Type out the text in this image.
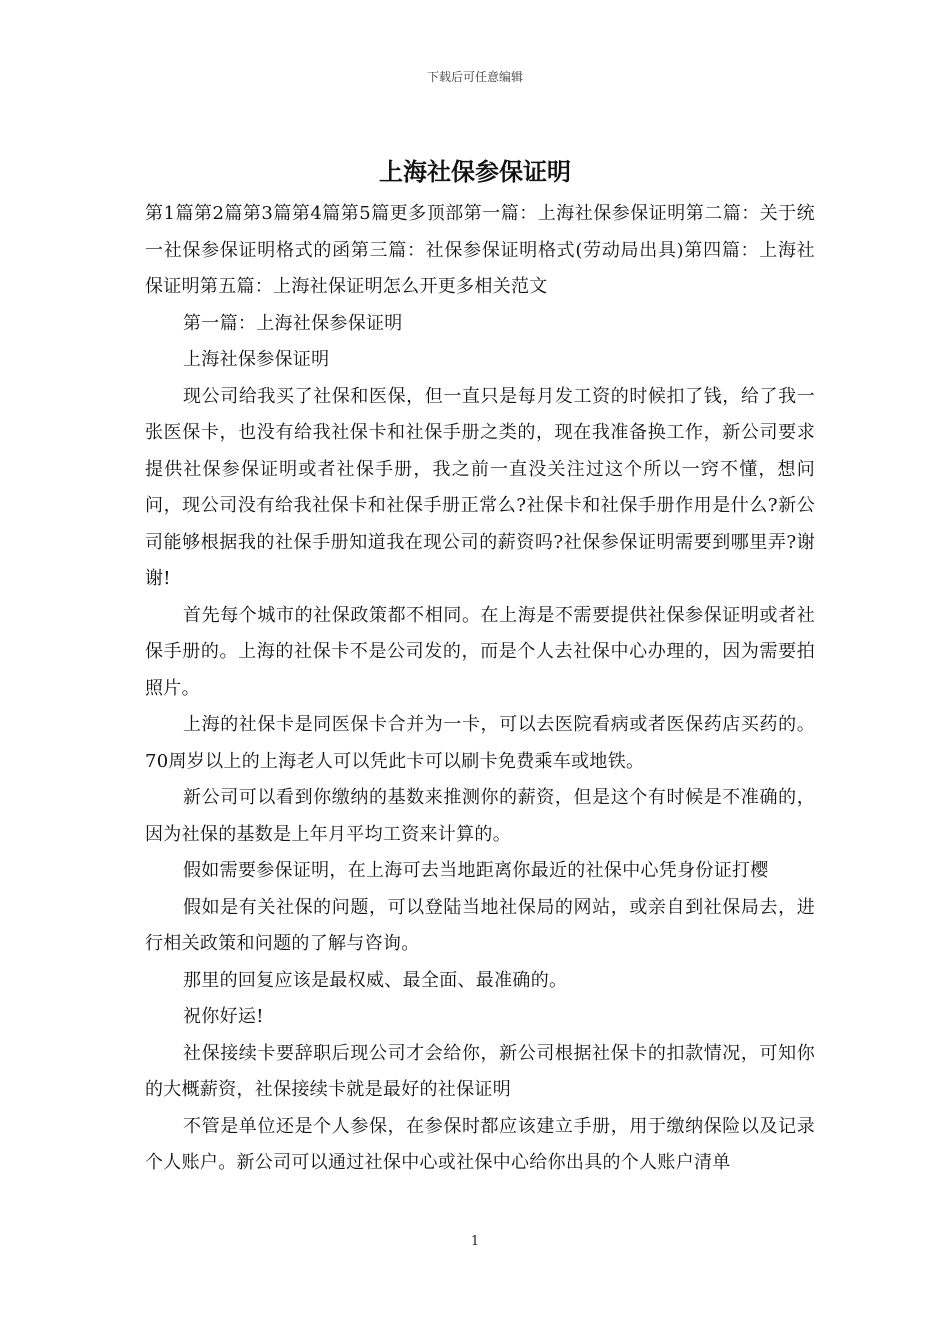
下载后可任意编辑
上海社保参保证明

第1篇第2篇第3篇第4篇第5篇更多顶部第一篇：上海社保参保证明第二篇：关于统一社保参保证明格式的函第三篇：社保参保证明格式(劳动局出具)第四篇：上海社保证明第五篇：上海社保证明怎么开更多相关范文

第一篇：上海社保参保证明

上海社保参保证明

现公司给我买了社保和医保，但一直只是每月发工资的时候扣了钱，给了我一张医保卡，也没有给我社保卡和社保手册之类的，现在我准备换工作，新公司要求提供社保参保证明或者社保手册，我之前一直没关注过这个所以一窍不懂，想问问，现公司没有给我社保卡和社保手册正常么?社保卡和社保手册作用是什么?新公司能够根据我的社保手册知道我在现公司的薪资吗?社保参保证明需要到哪里弄?谢谢!

首先每个城市的社保政策都不相同。在上海是不需要提供社保参保证明或者社保手册的。上海的社保卡不是公司发的，而是个人去社保中心办理的，因为需要拍照片。

上海的社保卡是同医保卡合并为一卡，可以去医院看病或者医保药店买药的。70周岁以上的上海老人可以凭此卡可以刷卡免费乘车或地铁。

新公司可以看到你缴纳的基数来推测你的薪资，但是这个有时候是不准确的，因为社保的基数是上年月平均工资来计算的。

假如需要参保证明，在上海可去当地距离你最近的社保中心凭身份证打樱

假如是有关社保的问题，可以登陆当地社保局的网站，或亲自到社保局去，进行相关政策和问题的了解与咨询。

那里的回复应该是最权威、最全面、最准确的。

祝你好运!

社保接续卡要辞职后现公司才会给你，新公司根据社保卡的扣款情况，可知你的大概薪资，社保接续卡就是最好的社保证明

不管是单位还是个人参保，在参保时都应该建立手册，用于缴纳保险以及记录个人账户。新公司可以通过社保中心或社保中心给你出具的个人账户清单

1
